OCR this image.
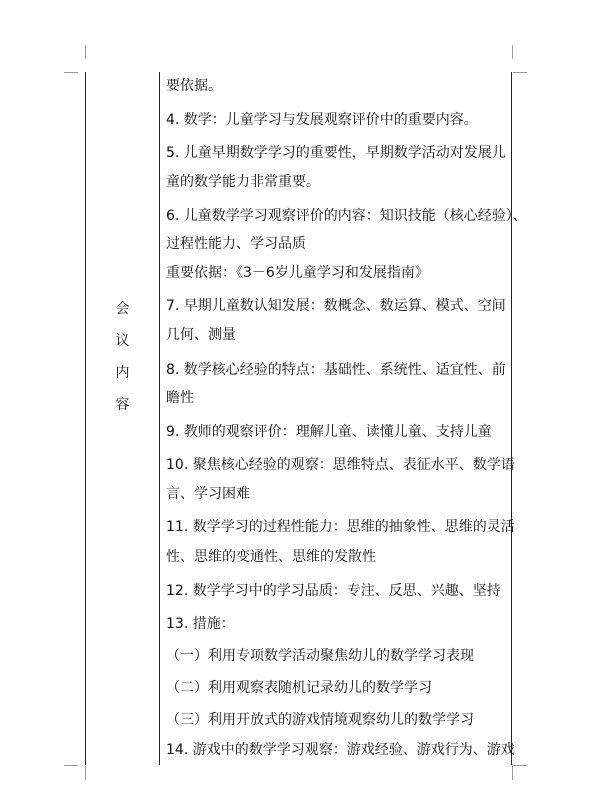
会
议
内
容
要依据。
4. 数学：儿童学习与发展观察评价中的重要内容。
5. 儿童早期数学学习的重要性，早期数学活动对发展儿
童的数学能力非常重要。
6. 儿童数学学习观察评价的内容：知识技能（核心经验）、
过程性能力、学习品质
重要依据：《3－6岁儿童学习和发展指南》
7. 早期儿童数认知发展：数概念、数运算、模式、空间
几何、测量
8. 数学核心经验的特点：基础性、系统性、适宜性、前
瞻性
9. 教师的观察评价：理解儿童、读懂儿童、支持儿童
10. 聚焦核心经验的观察：思维特点、表征水平、数学语
言、学习困难
11. 数学学习的过程性能力：思维的抽象性、思维的灵活
性、思维的变通性、思维的发散性
12. 数学学习中的学习品质：专注、反思、兴趣、坚持
13. 措施：
（一）利用专项数学活动聚焦幼儿的数学学习表现
（二）利用观察表随机记录幼儿的数学学习
（三）利用开放式的游戏情境观察幼儿的数学学习
14. 游戏中的数学学习观察：游戏经验、游戏行为、游戏
